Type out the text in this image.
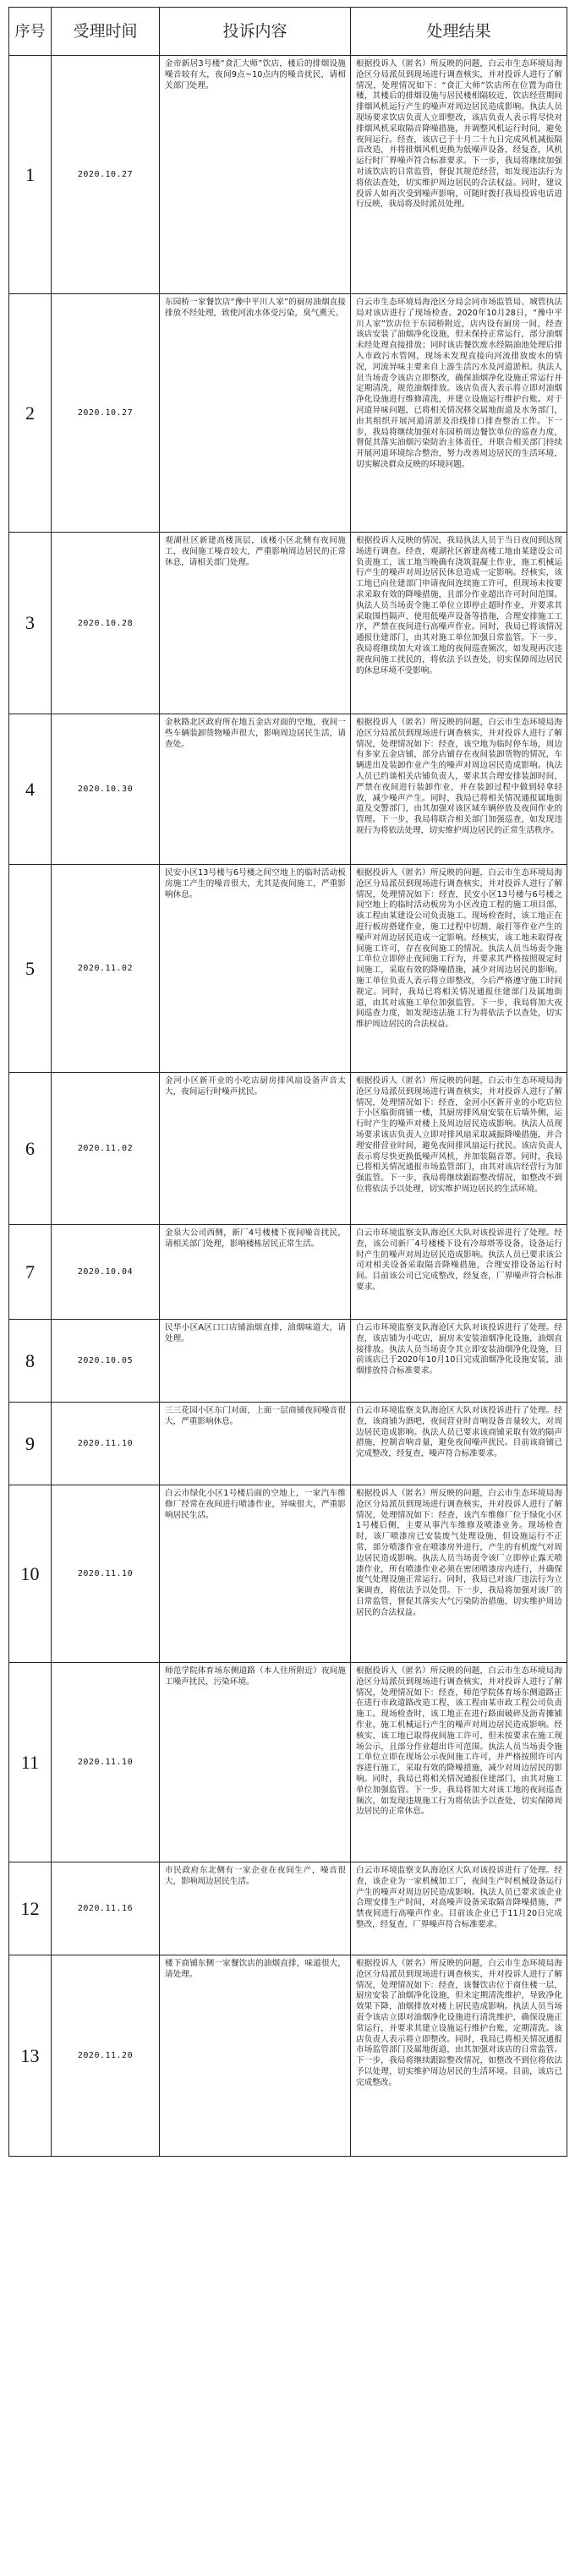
序号	受理时间	投诉内容	处理结果
1	2020.10.27	金帝新居3号楼“食汇大师”饮店，楼后的排烟设施噪音较有大，夜间9点~10点内的噪音扰民，请相关部门处理。	根据投诉人（匿名）所反映的问题，白云市生态环境局海沧区分局派员到现场进行调查核实，并对投诉人进行了解情况，处理情况如下：“食汇大师”饮店所在位置为商住楼，其楼后的排烟设施与居民楼相隔较近，饮店经营期间排烟风机运行产生的噪声对周边居民造成影响。执法人员现场要求饮店负责人立即整改，该店负责人表示将尽快对排烟风机采取隔音降噪措施，并调整风机运行时间，避免夜间运行。经查，该店已于十月二十九日完成风机减振隔音改造，并将排烟风机更换为低噪声设备，经复查，风机运行时厂界噪声符合标准要求。下一步，我局将继续加强对该饮店的日常监管，督促其规范经营，如发现违法行为将依法查处，切实维护周边居民的合法权益。同时，建议投诉人如再次受到噪声影响，可随时拨打我局投诉电话进行反映，我局将及时派员处理。
2	2020.10.27	东园桥一家餐饮店“豫中平川人家”的厨房油烟直接排放不经处理，致使河流水体受污染，臭气熏天。	白云市生态环境局海沧区分局会同市场监管局、城管执法局对该店进行了现场检查。2020年10月28日，“豫中平川人家”饮店位于东园桥附近，店内设有厨房一间，经查该店安装了油烟净化设施，但未保持正常运行，部分油烟未经处理直接排放；同时该店餐饮废水经隔油池处理后排入市政污水管网，现场未发现直接向河流排放废水的情况，河流异味主要来自上游生活污水及河道淤积。执法人员当场责令该店立即整改，确保油烟净化设施正常运行并定期清洗，规范油烟排放。该店负责人表示将立即对油烟净化设施进行维修清洗，并建立设施运行维护台账。对于河道异味问题，已将相关情况移交属地街道及水务部门，由其组织开展河道清淤及沿线排口排查整治工作。下一步，我局将继续加强对东园桥周边餐饮单位的巡查力度，督促其落实油烟污染防治主体责任，并联合相关部门持续开展河道环境综合整治，努力改善周边居民的生活环境，切实解决群众反映的环境问题。
3	2020.10.28	观湖社区新建高楼顶层，该楼小区北侧有夜间施工，夜间施工噪音较大，严重影响周边居民的正常休息，请相关部门处理。	根据投诉人反映的情况，我局执法人员于当日夜间到达现场进行调查。经查，观湖社区新建高楼工地由某建设公司负责施工，该工地当晚确有浇筑混凝土作业，施工机械运行产生的噪声对周边居民休息造成一定影响。经核实，该工地已向住建部门申请夜间连续施工许可，但现场未按要求采取有效的降噪措施，且部分作业超出许可时间范围。执法人员当场责令施工单位立即停止超时作业，并要求其采取围挡隔声、使用低噪声设备等措施，合理安排施工工序，严禁在夜间进行高噪声作业。同时，我局已将该情况通报住建部门，由其对施工单位加强日常监管。下一步，我局将继续加大对该工地的夜间巡查频次，如发现再次违规夜间施工扰民的，将依法予以查处，切实保障周边居民的休息环境不受影响。
4	2020.10.30	金秋路北区政府所在地五金店对面的空地，夜间一些车辆装卸货物噪声很大，影响周边居民生活，请查处。	根据投诉人（匿名）所反映的问题，白云市生态环境局海沧区分局派员到现场进行调查核实，并对投诉人进行了解情况，处理情况如下：经查，该空地为临时停车场，周边有多家五金店铺，部分店铺存在夜间装卸货物的情况，车辆进出及装卸作业产生的噪声对周边居民造成影响。执法人员已约谈相关店铺负责人，要求其合理安排装卸时间，严禁在夜间进行装卸作业，并在装卸过程中做到轻拿轻放，减少噪声产生。同时，我局已将相关情况通报属地街道及交警部门，由其加强对该区域车辆停放及夜间作业的管理。下一步，我局将联合相关部门加强巡查，如发现违规行为将依法处理，切实维护周边居民的正常生活秩序。
5	2020.11.02	民安小区13号楼与6号楼之间空地上的临时活动板房施工产生的噪音很大，尤其是夜间施工，严重影响休息。	根据投诉人（匿名）所反映的问题，白云市生态环境局海沧区分局派员到现场进行调查核实，并对投诉人进行了解情况，处理情况如下：经查，民安小区13号楼与6号楼之间空地上的临时活动板房为小区改造工程的施工项目部，该工程由某建设公司负责施工。现场检查时，该工地正在进行板房搭建作业，施工过程中切割、敲打等作业产生的噪声对周边居民造成一定影响。经核实，该工地未取得夜间施工许可，存在夜间施工的情况。执法人员当场责令施工单位立即停止夜间施工行为，并要求其严格按照规定时间施工，采取有效的降噪措施，减少对周边居民的影响。施工单位负责人表示将立即整改，今后严格遵守施工时间规定。同时，我局已将相关情况通报住建部门及属地街道，由其对该施工单位加强监管。下一步，我局将加大夜间巡查力度，如发现违法施工行为将依法予以查处，切实维护周边居民的合法权益。
6	2020.11.02	金河小区新开业的小吃店厨房排风扇设备声音太大，夜间运行时噪声扰民。	根据投诉人（匿名）所反映的问题，白云市生态环境局海沧区分局派员到现场进行调查核实，并对投诉人进行了解情况，处理情况如下：经查，金河小区新开业的小吃店位于小区临街商铺一楼，其厨房排风扇安装在后墙外侧，运行时产生的噪声对楼上及周边居民造成影响。执法人员现场要求该店负责人立即对排风扇采取减振降噪措施，并合理安排营业时间，避免夜间排风扇运行扰民。该店负责人表示将尽快更换低噪声风机，并加装隔音罩。同时，我局已将相关情况通报市场监管部门，由其对该店经营行为加强监管。下一步，我局将继续跟踪整改情况，如整改不到位将依法予以处理，切实维护周边居民的生活环境。
7	2020.10.04	金泉大公司西侧，新厂4号楼楼下夜间噪音扰民，请相关部门处理，影响楼栋居民正常生活。	白云市环境监察支队海沧区大队对该投诉进行了处理。经查，该公司新厂4号楼楼下设有冷却塔等设备，设备运行时产生的噪声对周边居民造成影响。执法人员已要求该公司对相关设备采取隔音降噪措施，合理安排设备运行时间。目前该公司已完成整改，经复查，厂界噪声符合标准要求。
8	2020.10.05	民华小区A区口口店铺油烟直排，油烟味道大，请处理。	白云市环境监察支队海沧区大队对该投诉进行了处理。经查，该店铺为小吃店，厨房未安装油烟净化设施，油烟直接排放。执法人员当场责令其立即安装油烟净化设施，目前该店已于2020年10月10日完成油烟净化设施安装，油烟排放符合标准要求。
9	2020.11.10	三三花园小区东门对面，上面一层商铺夜间噪音很大，严重影响休息。	白云市环境监察支队海沧区大队对该投诉进行了处理。经查，该商铺为酒吧，夜间营业时音响设备音量较大，对周边居民造成影响。执法人员已要求该商铺采取有效的隔声措施，控制音响音量，避免夜间噪声扰民。目前该商铺已完成整改，经复查，噪声符合标准要求。
10	2020.11.10	白云市绿化小区1号楼后面的空地上，一家汽车维修厂经常在夜间进行喷漆作业，异味很大，严重影响居民生活。	根据投诉人（匿名）所反映的问题，白云市生态环境局海沧区分局派员到现场进行调查核实，并对投诉人进行了解情况，处理情况如下：经查，该汽车维修厂位于绿化小区1号楼后侧，主要从事汽车维修及喷漆业务。现场检查时，该厂喷漆房已安装废气处理设施，但设施运行不正常，部分喷漆作业在喷漆房外进行，产生的有机废气对周边居民造成影响。执法人员当场责令该厂立即停止露天喷漆作业，所有喷漆作业必须在密闭喷漆房内进行，并确保废气处理设施正常运行。同时，我局已对该厂违法行为立案调查，将依法予以处罚。下一步，我局将加强对该厂的日常监管，督促其落实大气污染防治措施，切实维护周边居民的合法权益。
11	2020.11.10	师范学院体育场东侧道路（本人住所附近）夜间施工噪声扰民，污染环境。	根据投诉人（匿名）所反映的问题，白云市生态环境局海沧区分局派员到现场进行调查核实，并对投诉人进行了解情况，处理情况如下：经查，师范学院体育场东侧道路正在进行市政道路改造工程，该工程由某市政工程公司负责施工。现场检查时，该工地正在进行路面破碎及沥青摊铺作业，施工机械运行产生的噪声对周边居民造成影响。经核实，该工地已取得夜间施工许可，但未按要求在施工现场公示，且部分作业超出许可范围。执法人员当场责令施工单位立即在现场公示夜间施工许可，并严格按照许可内容进行施工，采取有效的降噪措施，减少对周边居民的影响。同时，我局已将相关情况通报住建部门，由其对施工单位加强监管。下一步，我局将加大对该工地的夜间巡查频次，如发现违规施工行为将依法予以查处，切实保障周边居民的正常休息。
12	2020.11.16	市民政府东北侧有一家企业在夜间生产，噪音很大，影响周边居民生活。	白云市环境监察支队海沧区大队对该投诉进行了处理。经查，该企业为一家机械加工厂，夜间生产时机械设备运行产生的噪声对周边居民造成影响。执法人员已要求该企业合理安排生产时间，对高噪声设备采取隔音降噪措施，严禁夜间进行高噪声作业。目前该企业已于11月20日完成整改，经复查，厂界噪声符合标准要求。
13	2020.11.20	楼下商铺东侧一家餐饮店的油烟直排，味道很大，请处理。	根据投诉人（匿名）所反映的问题，白云市生态环境局海沧区分局派员到现场进行调查核实，并对投诉人进行了解情况，处理情况如下：经查，该餐饮店位于商住楼一层，厨房安装了油烟净化设施，但未定期清洗维护，导致净化效果下降，油烟排放对楼上居民造成影响。执法人员当场责令该店立即对油烟净化设施进行清洗维护，确保设施正常运行，并要求其建立设施运行维护台账，定期清洗。该店负责人表示将立即整改。同时，我局已将相关情况通报市场监管部门及属地街道，由其加强对该店的日常监管。下一步，我局将继续跟踪整改情况，如整改不到位将依法予以处理，切实维护周边居民的生活环境。目前，该店已完成整改。
